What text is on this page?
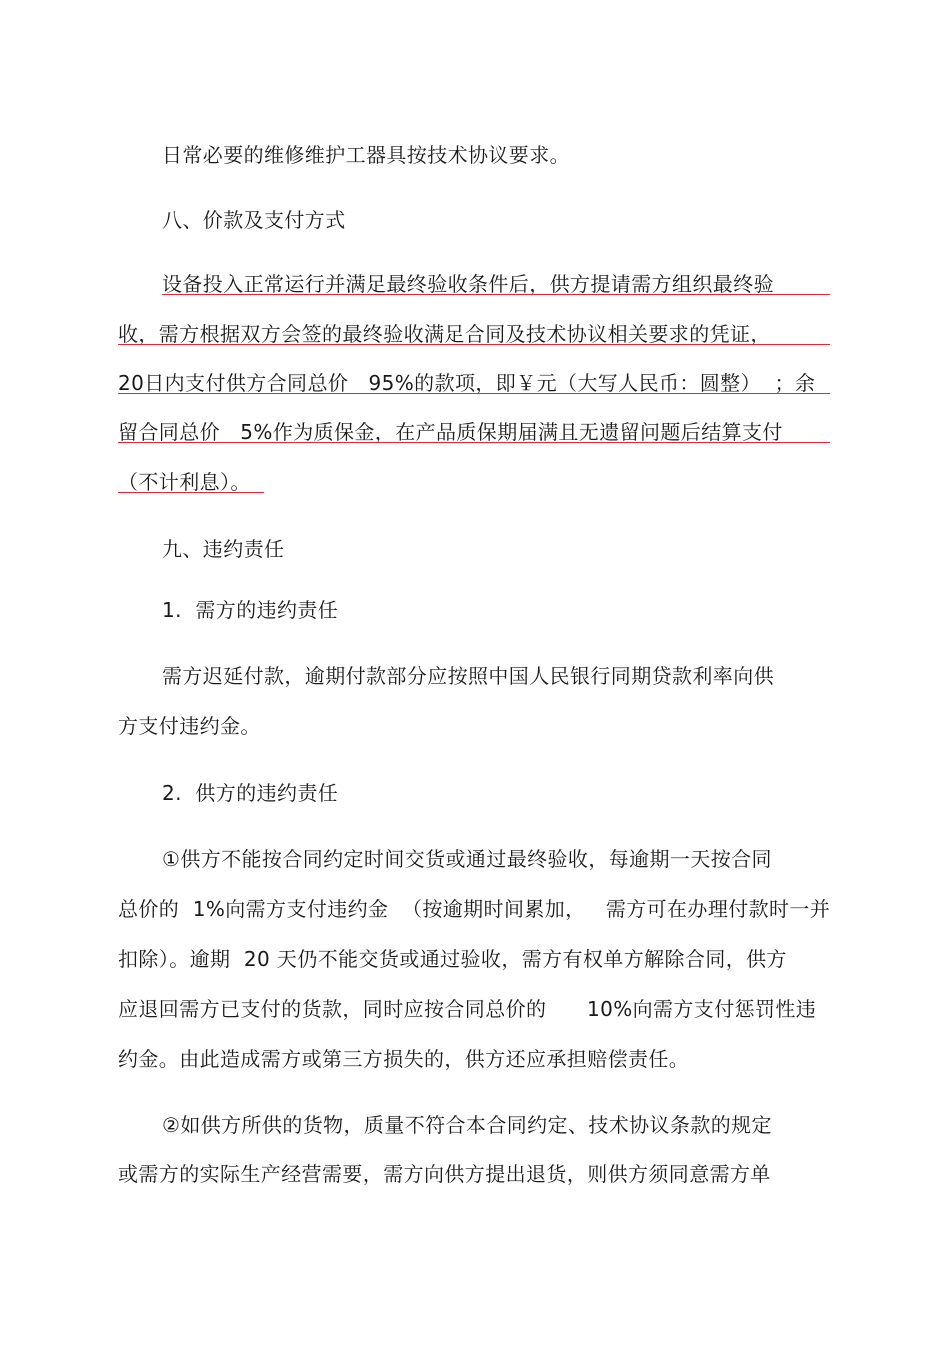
日常必要的维修维护工器具按技术协议要求。
八、价款及支付方式
设备投入正常运行并满足最终验收条件后，供方提请需方组织最终验
收，需方根据双方会签的最终验收满足合同及技术协议相关要求的凭证，
20日内支付供方合同总价   95%的款项，即￥元（大写人民币：圆整）  ；余
留合同总价   5%作为质保金，在产品质保期届满且无遗留问题后结算支付
（不计利息）。
九、违约责任
1.  需方的违约责任
需方迟延付款，逾期付款部分应按照中国人民银行同期贷款利率向供
方支付违约金。
2.  供方的违约责任
①供方不能按合同约定时间交货或通过最终验收，每逾期一天按合同
总价的  1%向需方支付违约金  （按逾期时间累加，   需方可在办理付款时一并
扣除）。逾期  20 天仍不能交货或通过验收，需方有权单方解除合同，供方
应退回需方已支付的货款，同时应按合同总价的      10%向需方支付惩罚性违
约金。由此造成需方或第三方损失的，供方还应承担赔偿责任。
②如供方所供的货物，质量不符合本合同约定、技术协议条款的规定
或需方的实际生产经营需要，需方向供方提出退货，则供方须同意需方单
